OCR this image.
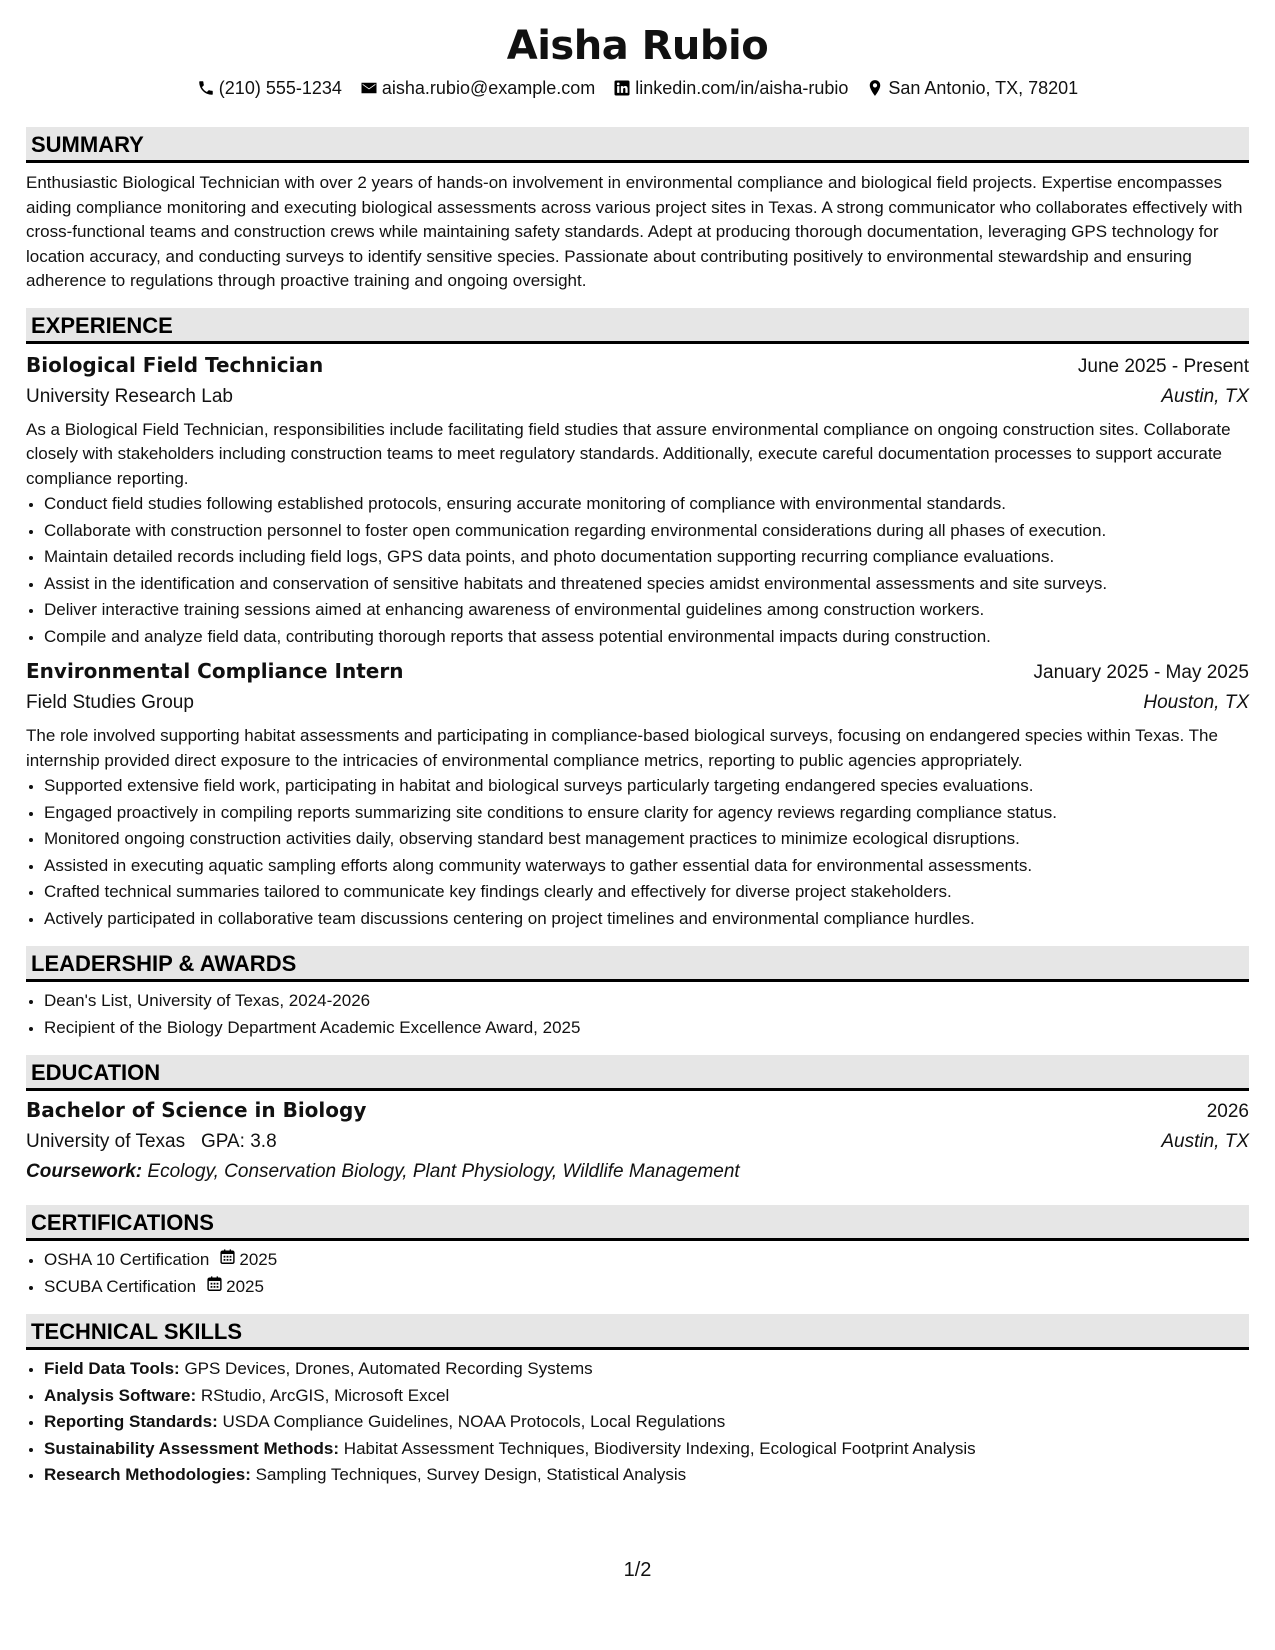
Aisha Rubio
(210) 555-1234 aisha.rubio@example.com linkedin.com/in/aisha-rubio San Antonio, TX, 78201
SUMMARY

Enthusiastic Biological Technician with over 2 years of hands-on involvement in environmental compliance and biological field projects. Expertise encompasses aiding compliance monitoring and executing biological assessments across various project sites in Texas. A strong communicator who collaborates effectively with cross-functional teams and construction crews while maintaining safety standards. Adept at producing thorough documentation, leveraging GPS technology for location accuracy, and conducting surveys to identify sensitive species. Passionate about contributing positively to environmental stewardship and ensuring adherence to regulations through proactive training and ongoing oversight.

EXPERIENCE
Biological Field Technician	June 2025 - Present
University Research Lab	Austin, TX

As a Biological Field Technician, responsibilities include facilitating field studies that assure environmental compliance on ongoing construction sites. Collaborate closely with stakeholders including construction teams to meet regulatory standards. Additionally, execute careful documentation processes to support accurate compliance reporting.

• Conduct field studies following established protocols, ensuring accurate monitoring of compliance with environmental standards.
• Collaborate with construction personnel to foster open communication regarding environmental considerations during all phases of execution.
• Maintain detailed records including field logs, GPS data points, and photo documentation supporting recurring compliance evaluations.
• Assist in the identification and conservation of sensitive habitats and threatened species amidst environmental assessments and site surveys.
• Deliver interactive training sessions aimed at enhancing awareness of environmental guidelines among construction workers.
• Compile and analyze field data, contributing thorough reports that assess potential environmental impacts during construction.
Environmental Compliance Intern	January 2025 - May 2025
Field Studies Group	Houston, TX

The role involved supporting habitat assessments and participating in compliance-based biological surveys, focusing on endangered species within Texas. The internship provided direct exposure to the intricacies of environmental compliance metrics, reporting to public agencies appropriately.

• Supported extensive field work, participating in habitat and biological surveys particularly targeting endangered species evaluations.
• Engaged proactively in compiling reports summarizing site conditions to ensure clarity for agency reviews regarding compliance status.
• Monitored ongoing construction activities daily, observing standard best management practices to minimize ecological disruptions.
• Assisted in executing aquatic sampling efforts along community waterways to gather essential data for environmental assessments.
• Crafted technical summaries tailored to communicate key findings clearly and effectively for diverse project stakeholders.
• Actively participated in collaborative team discussions centering on project timelines and environmental compliance hurdles.
LEADERSHIP & AWARDS
• Dean's List, University of Texas, 2024-2026
• Recipient of the Biology Department Academic Excellence Award, 2025
EDUCATION
Bachelor of Science in Biology	2026
University of Texas GPA: 3.8	Austin, TX
Coursework: Ecology, Conservation Biology, Plant Physiology, Wildlife Management
CERTIFICATIONS
• OSHA 10 Certification 2025
• SCUBA Certification 2025
TECHNICAL SKILLS
• Field Data Tools: GPS Devices, Drones, Automated Recording Systems
• Analysis Software: RStudio, ArcGIS, Microsoft Excel
• Reporting Standards: USDA Compliance Guidelines, NOAA Protocols, Local Regulations
• Sustainability Assessment Methods: Habitat Assessment Techniques, Biodiversity Indexing, Ecological Footprint Analysis
• Research Methodologies: Sampling Techniques, Survey Design, Statistical Analysis
1/2
